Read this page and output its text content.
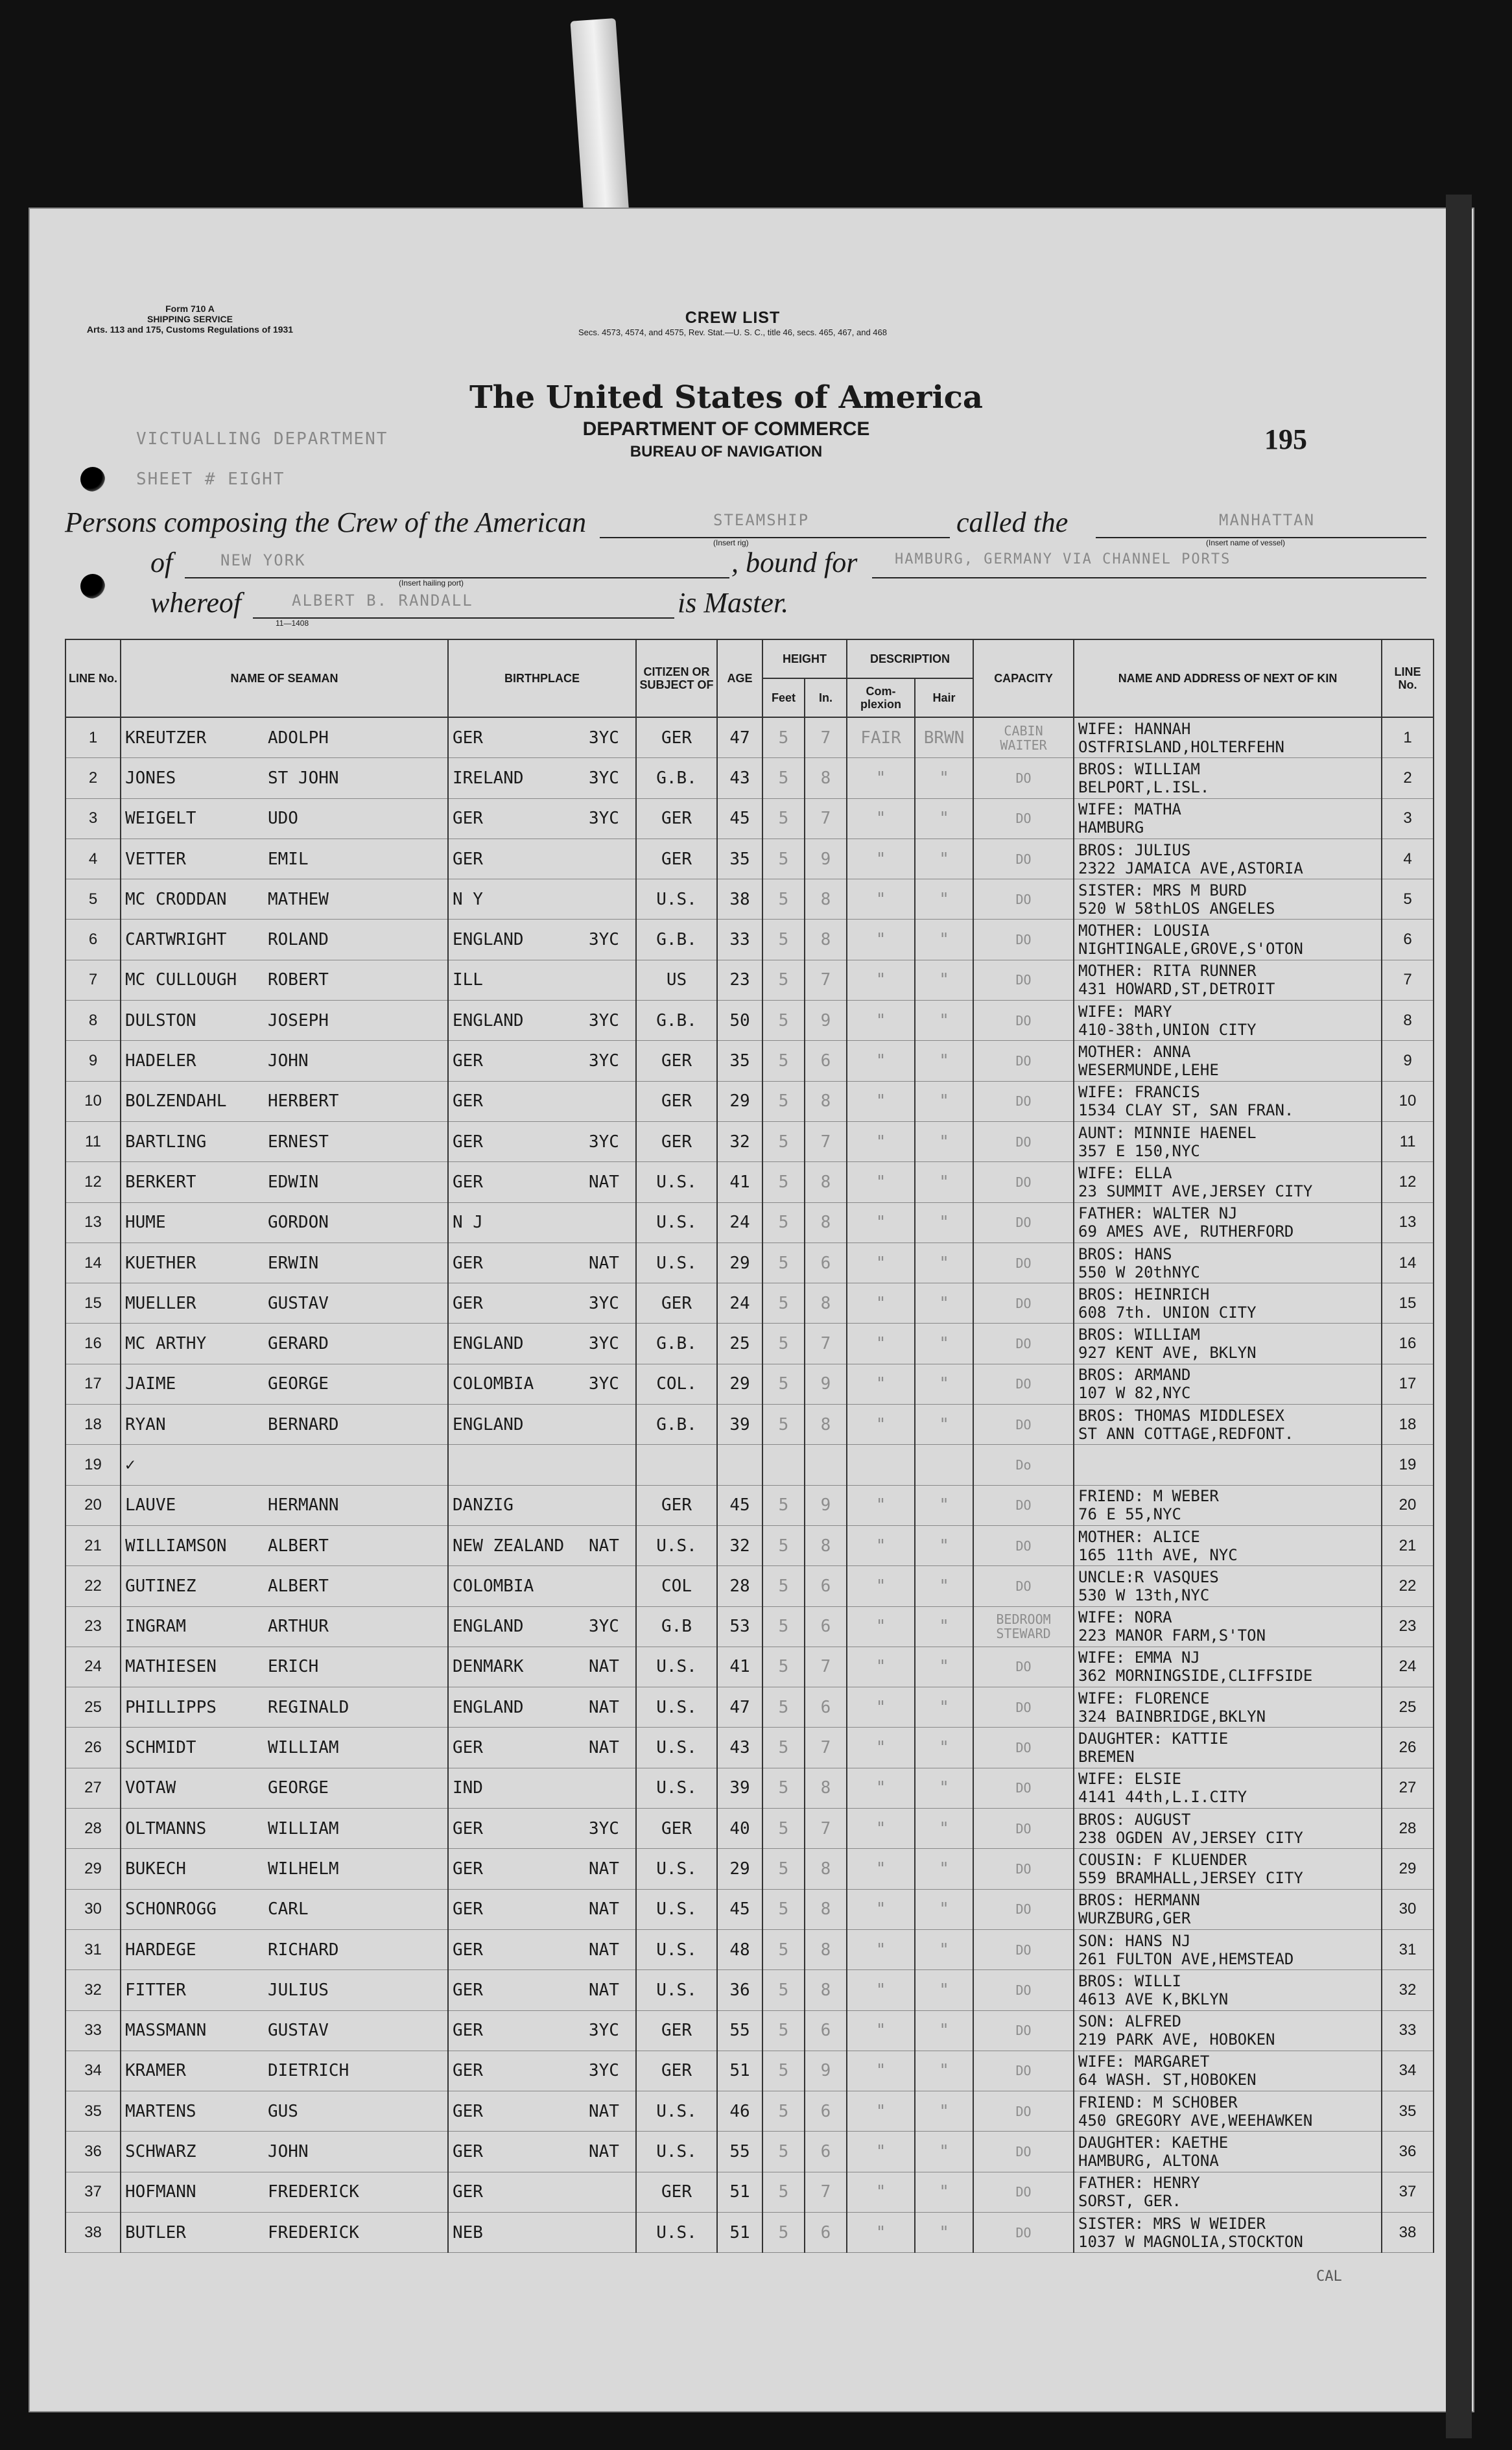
Form 710 A
SHIPPING SERVICE
Arts. 113 and 175, Customs Regulations of 1931
CREW LIST
Secs. 4573, 4574, and 4575, Rev. Stat.—U. S. C., title 46, secs. 465, 467, and 468
The United States of America
DEPARTMENT OF COMMERCE
BUREAU OF NAVIGATION
VICTUALLING DEPARTMENT
SHEET # EIGHT
195
Persons composing the Crew of the American	STEAMSHIP
(Insert rig)
called the	MANHATTAN
(Insert name of vessel)
of	NEW YORK
(Insert hailing port)
, bound for	HAMBURG, GERMANY VIA CHANNEL PORTS
whereof	ALBERT B. RANDALL
11—1408
is Master.
LINE No.	NAME OF SEAMAN	BIRTHPLACE	CITIZEN OR SUBJECT OF	AGE	HEIGHT		DESCRIPTION		CAPACITY	NAME AND ADDRESS OF NEXT OF KIN	LINE No.
					Feet	In.	Com-plexion	Hair			
1	KREUTZER ADOLPH	GER 3YC	GER	47	5	7	FAIR	BRWN	CABIN WAITER	WIFE: HANNAH
OSTFRISLAND,HOLTERFEHN	1
2	JONES ST JOHN	IRELAND 3YC	G.B.	43	5	8	"	"	DO	BROS: WILLIAM
BELPORT,L.ISL.	2
3	WEIGELT UDO	GER 3YC	GER	45	5	7	"	"	DO	WIFE: MATHA
HAMBURG	3
4	VETTER EMIL	GER	GER	35	5	9	"	"	DO	BROS: JULIUS
2322 JAMAICA AVE,ASTORIA	4
5	MC CRODDAN MATHEW	N Y	U.S.	38	5	8	"	"	DO	SISTER: MRS M BURD
520 W 58thLOS ANGELES	5
6	CARTWRIGHT ROLAND	ENGLAND 3YC	G.B.	33	5	8	"	"	DO	MOTHER: LOUSIA
NIGHTINGALE,GROVE,S'OTON	6
7	MC CULLOUGH ROBERT	ILL	US	23	5	7	"	"	DO	MOTHER: RITA RUNNER
431 HOWARD,ST,DETROIT	7
8	DULSTON JOSEPH	ENGLAND 3YC	G.B.	50	5	9	"	"	DO	WIFE: MARY
410-38th,UNION CITY	8
9	HADELER JOHN	GER 3YC	GER	35	5	6	"	"	DO	MOTHER: ANNA
WESERMUNDE,LEHE	9
10	BOLZENDAHL HERBERT	GER	GER	29	5	8	"	"	DO	WIFE: FRANCIS
1534 CLAY ST, SAN FRAN.	10
11	BARTLING ERNEST	GER 3YC	GER	32	5	7	"	"	DO	AUNT: MINNIE HAENEL
357 E 150,NYC	11
12	BERKERT EDWIN	GER NAT	U.S.	41	5	8	"	"	DO	WIFE: ELLA
23 SUMMIT AVE,JERSEY CITY	12
13	HUME GORDON	N J	U.S.	24	5	8	"	"	DO	FATHER: WALTER NJ
69 AMES AVE, RUTHERFORD	13
14	KUETHER ERWIN	GER NAT	U.S.	29	5	6	"	"	DO	BROS: HANS
550 W 20thNYC	14
15	MUELLER GUSTAV	GER 3YC	GER	24	5	8	"	"	DO	BROS: HEINRICH
608 7th. UNION CITY	15
16	MC ARTHY GERARD	ENGLAND 3YC	G.B.	25	5	7	"	"	DO	BROS: WILLIAM
927 KENT AVE, BKLYN	16
17	JAIME GEORGE	COLOMBIA 3YC	COL.	29	5	9	"	"	DO	BROS: ARMAND
107 W 82,NYC	17
18	RYAN BERNARD	ENGLAND	G.B.	39	5	8	"	"	DO	BROS: THOMAS MIDDLESEX
ST ANN COTTAGE,REDFONT.	18
19	✓								Do		19
20	LAUVE HERMANN	DANZIG	GER	45	5	9	"	"	DO	FRIEND: M WEBER
76 E 55,NYC	20
21	WILLIAMSON ALBERT	NEW ZEALAND NAT	U.S.	32	5	8	"	"	DO	MOTHER: ALICE
165 11th AVE, NYC	21
22	GUTINEZ ALBERT	COLOMBIA	COL	28	5	6	"	"	DO	UNCLE:R VASQUES
530 W 13th,NYC	22
23	INGRAM ARTHUR	ENGLAND 3YC	G.B	53	5	6	"	"	BEDROOM STEWARD	WIFE: NORA
223 MANOR FARM,S'TON	23
24	MATHIESEN ERICH	DENMARK NAT	U.S.	41	5	7	"	"	DO	WIFE: EMMA NJ
362 MORNINGSIDE,CLIFFSIDE	24
25	PHILLIPPS REGINALD	ENGLAND NAT	U.S.	47	5	6	"	"	DO	WIFE: FLORENCE
324 BAINBRIDGE,BKLYN	25
26	SCHMIDT WILLIAM	GER NAT	U.S.	43	5	7	"	"	DO	DAUGHTER: KATTIE
BREMEN	26
27	VOTAW GEORGE	IND	U.S.	39	5	8	"	"	DO	WIFE: ELSIE
4141 44th,L.I.CITY	27
28	OLTMANNS WILLIAM	GER 3YC	GER	40	5	7	"	"	DO	BROS: AUGUST
238 OGDEN AV,JERSEY CITY	28
29	BUKECH WILHELM	GER NAT	U.S.	29	5	8	"	"	DO	COUSIN: F KLUENDER
559 BRAMHALL,JERSEY CITY	29
30	SCHONROGG CARL	GER NAT	U.S.	45	5	8	"	"	DO	BROS: HERMANN
WURZBURG,GER	30
31	HARDEGE RICHARD	GER NAT	U.S.	48	5	8	"	"	DO	SON: HANS NJ
261 FULTON AVE,HEMSTEAD	31
32	FITTER JULIUS	GER NAT	U.S.	36	5	8	"	"	DO	BROS: WILLI
4613 AVE K,BKLYN	32
33	MASSMANN GUSTAV	GER 3YC	GER	55	5	6	"	"	DO	SON: ALFRED
219 PARK AVE, HOBOKEN	33
34	KRAMER DIETRICH	GER 3YC	GER	51	5	9	"	"	DO	WIFE: MARGARET
64 WASH. ST,HOBOKEN	34
35	MARTENS GUS	GER NAT	U.S.	46	5	6	"	"	DO	FRIEND: M SCHOBER
450 GREGORY AVE,WEEHAWKEN	35
36	SCHWARZ JOHN	GER NAT	U.S.	55	5	6	"	"	DO	DAUGHTER: KAETHE
HAMBURG, ALTONA	36
37	HOFMANN FREDERICK	GER	GER	51	5	7	"	"	DO	FATHER: HENRY
SORST, GER.	37
38	BUTLER FREDERICK	NEB	U.S.	51	5	6	"	"	DO	SISTER: MRS W WEIDER
1037 W MAGNOLIA,STOCKTON	38
CAL
